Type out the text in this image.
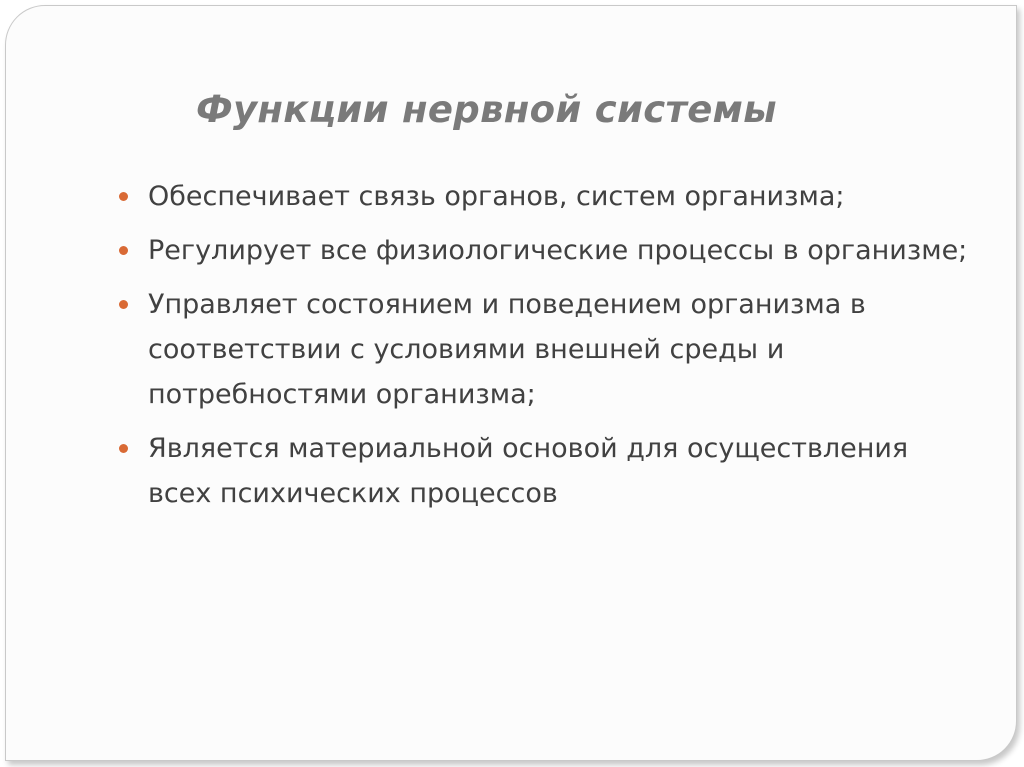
Функции нервной системы
Обеспечивает связь органов, систем организма;
Регулирует все физиологические процессы в организме;
Управляет состоянием и поведением организма в соответствии с условиями внешней среды и потребностями организма;
Является материальной основой для осуществления всех психических процессов
